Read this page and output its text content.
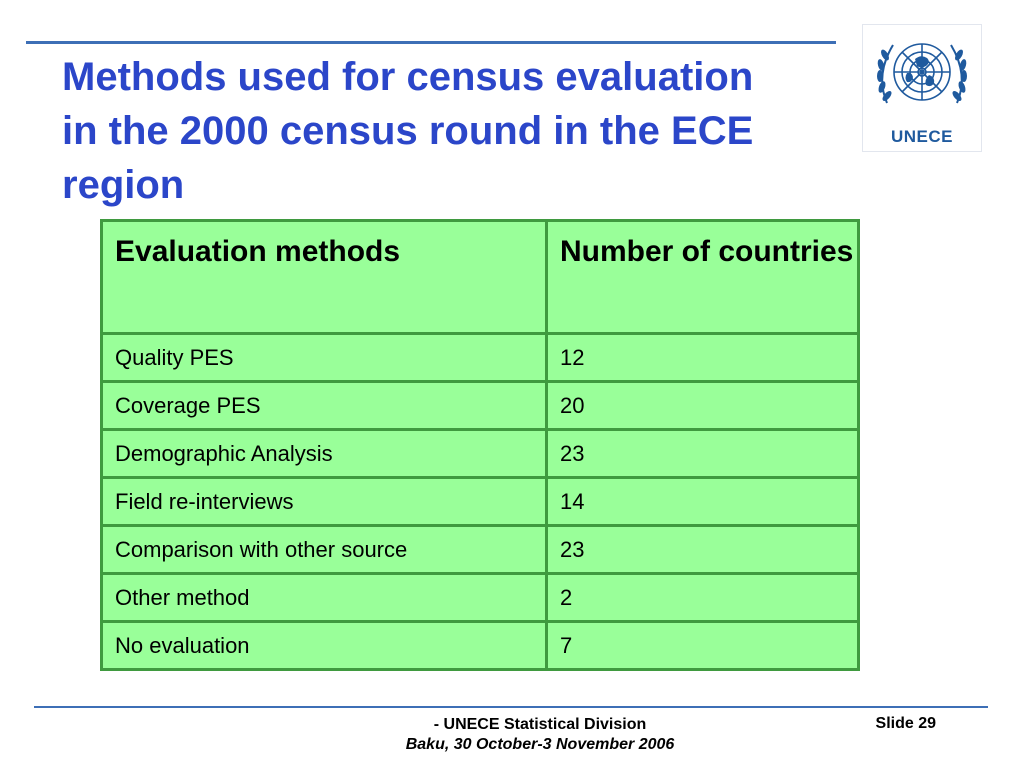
Methods used for census evaluation
in the 2000 census round in the ECE
region
UNECE
Evaluation methods	Number of countries
Quality PES	12
Coverage PES	20
Demographic Analysis	23
Field re-interviews	14
Comparison with other source	23
Other method	2
No evaluation	7
- UNECE Statistical Division
Baku, 30 October-3 November 2006
Slide 29
